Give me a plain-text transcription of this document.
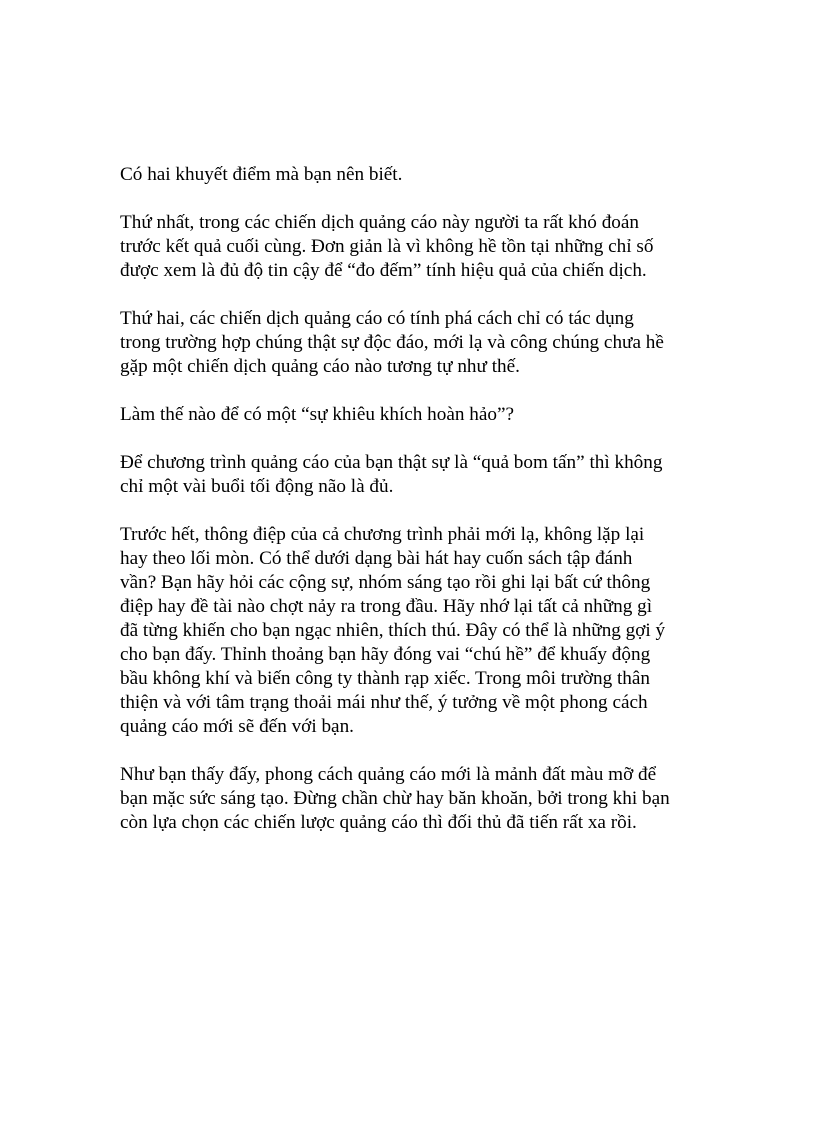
Có hai khuyết điểm mà bạn nên biết.

Thứ nhất, trong các chiến dịch quảng cáo này người ta rất khó đoán
trước kết quả cuối cùng. Đơn giản là vì không hề tồn tại những chỉ số
được xem là đủ độ tin cậy để “đo đếm” tính hiệu quả của chiến dịch.

Thứ hai, các chiến dịch quảng cáo có tính phá cách chỉ có tác dụng
trong trường hợp chúng thật sự độc đáo, mới lạ và công chúng chưa hề
gặp một chiến dịch quảng cáo nào tương tự như thế.

Làm thế nào để có một “sự khiêu khích hoàn hảo”?

Để chương trình quảng cáo của bạn thật sự là “quả bom tấn” thì không
chỉ một vài buổi tối động não là đủ.

Trước hết, thông điệp của cả chương trình phải mới lạ, không lặp lại
hay theo lối mòn. Có thể dưới dạng bài hát hay cuốn sách tập đánh
vần? Bạn hãy hỏi các cộng sự, nhóm sáng tạo rồi ghi lại bất cứ thông
điệp hay đề tài nào chợt nảy ra trong đầu. Hãy nhớ lại tất cả những gì
đã từng khiến cho bạn ngạc nhiên, thích thú. Đây có thể là những gợi ý
cho bạn đấy. Thỉnh thoảng bạn hãy đóng vai “chú hề” để khuấy động
bầu không khí và biến công ty thành rạp xiếc. Trong môi trường thân
thiện và với tâm trạng thoải mái như thế, ý tưởng về một phong cách
quảng cáo mới sẽ đến với bạn.

Như bạn thấy đấy, phong cách quảng cáo mới là mảnh đất màu mỡ để
bạn mặc sức sáng tạo. Đừng chần chừ hay băn khoăn, bởi trong khi bạn
còn lựa chọn các chiến lược quảng cáo thì đối thủ đã tiến rất xa rồi.
